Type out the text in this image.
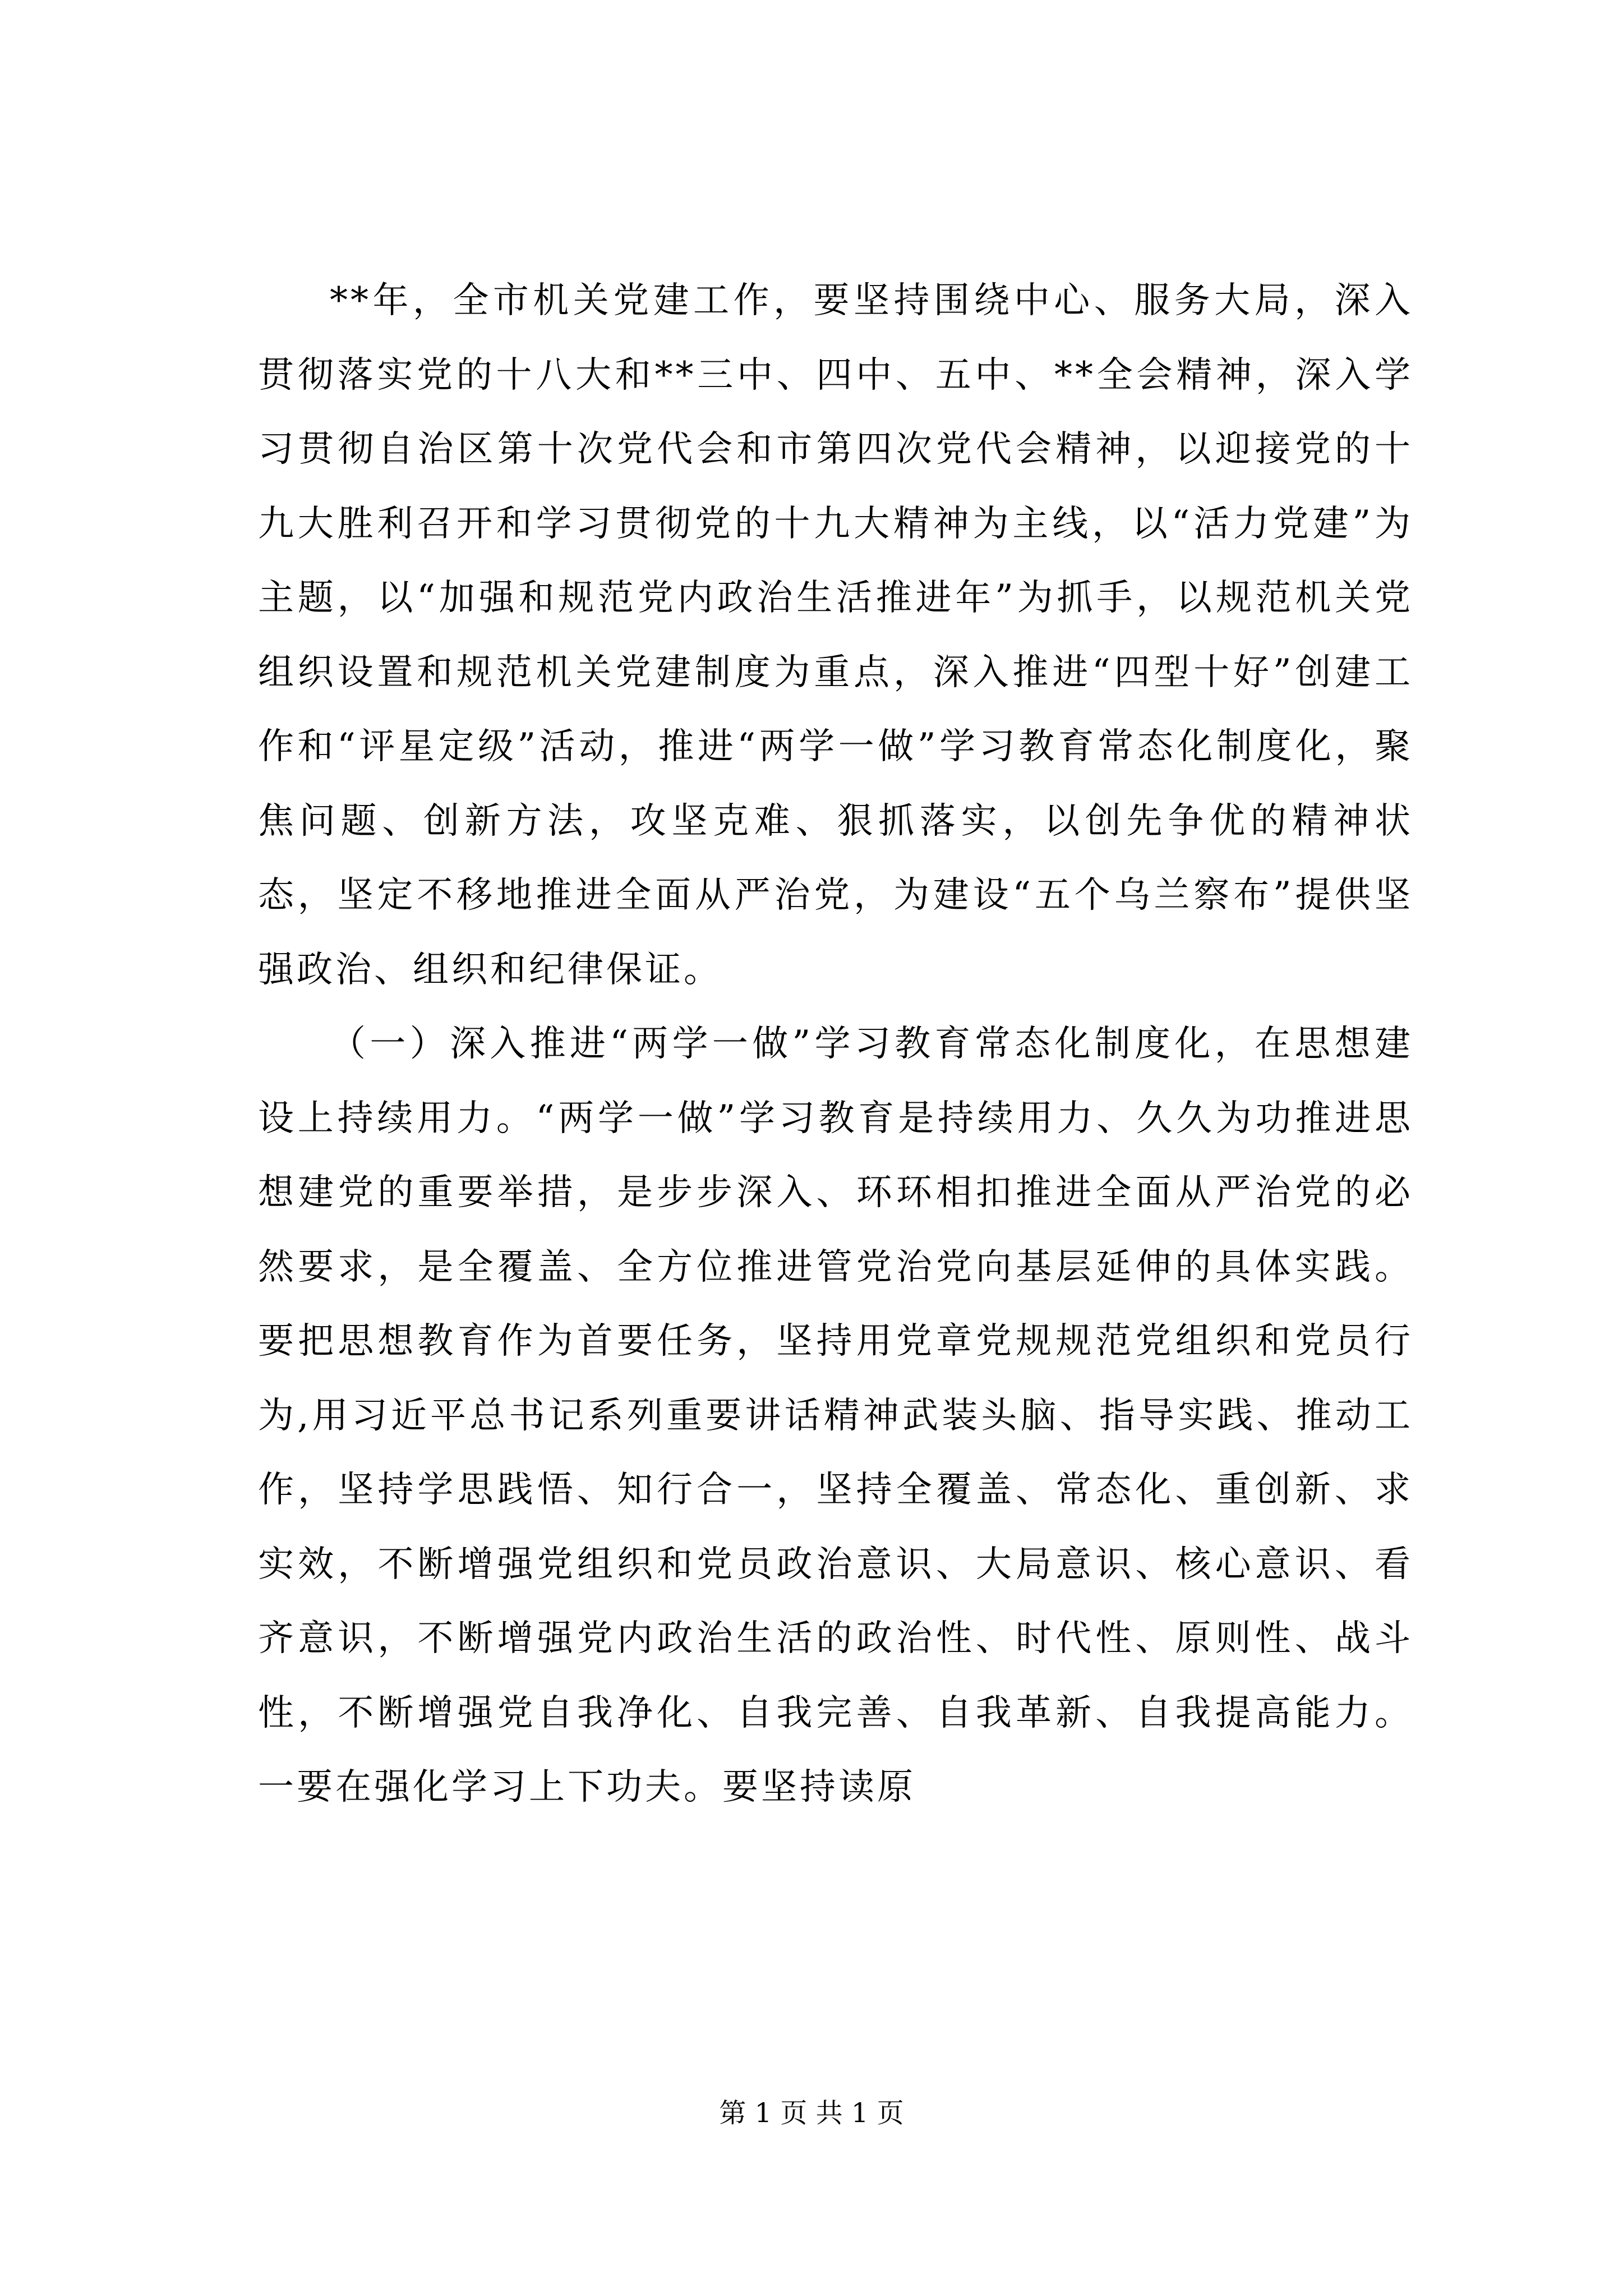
**年，全市机关党建工作，要坚持围绕中心、服务大局，深入贯彻落实党的十八大和**三中、四中、五中、**全会精神，深入学习贯彻自治区第十次党代会和市第四次党代会精神，以迎接党的十九大胜利召开和学习贯彻党的十九大精神为主线，以“活力党建”为主题，以“加强和规范党内政治生活推进年”为抓手，以规范机关党组织设置和规范机关党建制度为重点，深入推进“四型十好”创建工作和“评星定级”活动，推进“两学一做”学习教育常态化制度化，聚焦问题、创新方法，攻坚克难、狠抓落实，以创先争优的精神状态，坚定不移地推进全面从严治党，为建设“五个乌兰察布”提供坚强政治、组织和纪律保证。

（一）深入推进“两学一做”学习教育常态化制度化，在思想建设上持续用力。“两学一做”学习教育是持续用力、久久为功推进思想建党的重要举措，是步步深入、环环相扣推进全面从严治党的必然要求，是全覆盖、全方位推进管党治党向基层延伸的具体实践。要把思想教育作为首要任务，坚持用党章党规规范党组织和党员行为,用习近平总书记系列重要讲话精神武装头脑、指导实践、推动工作，坚持学思践悟、知行合一，坚持全覆盖、常态化、重创新、求实效，不断增强党组织和党员政治意识、大局意识、核心意识、看齐意识，不断增强党内政治生活的政治性、时代性、原则性、战斗性，不断增强党自我净化、自我完善、自我革新、自我提高能力。一要在强化学习上下功夫。要坚持读原

第 1 页 共 1 页
